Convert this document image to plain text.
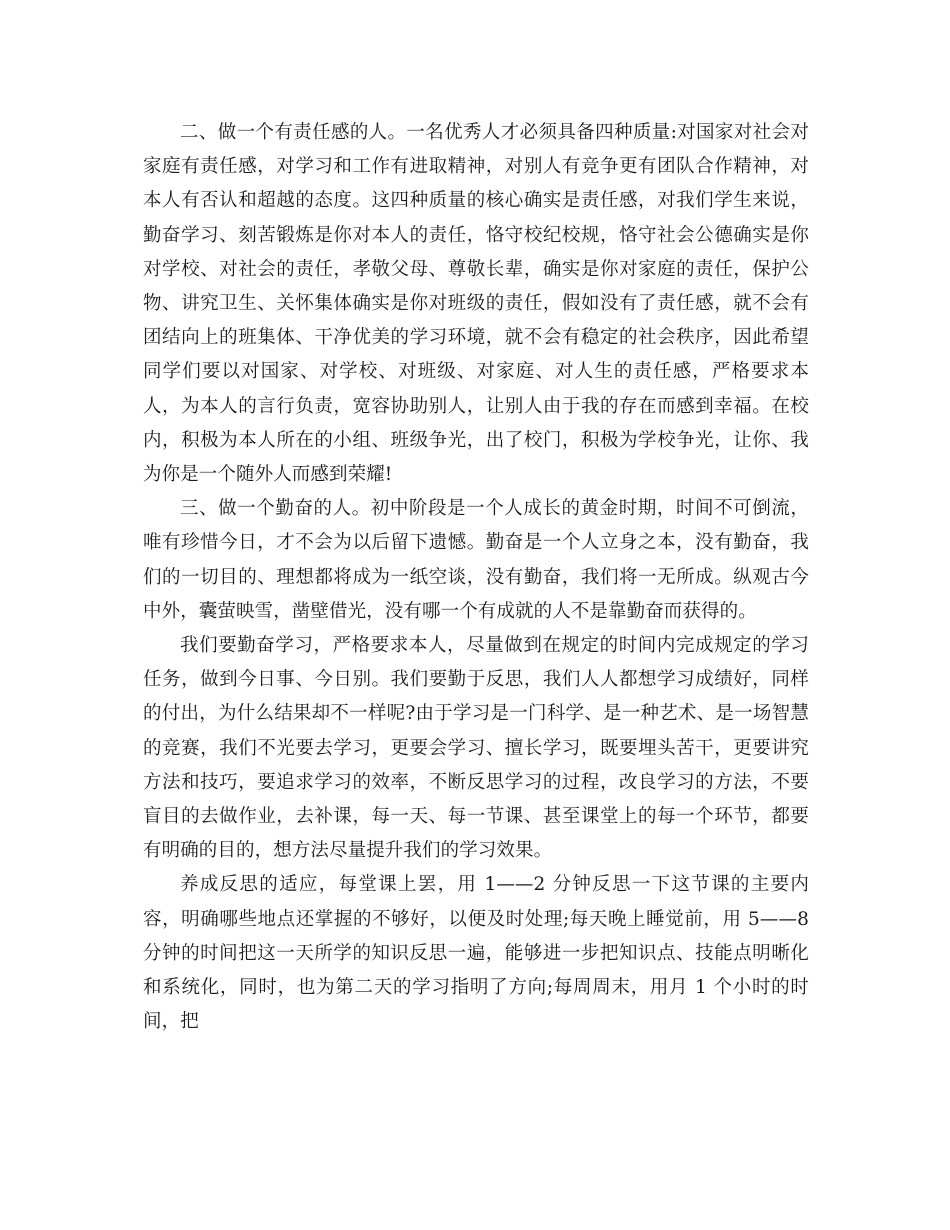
二、做一个有责任感的人。一名优秀人才必须具备四种质量:对国家对社会对家庭有责任感，对学习和工作有进取精神，对别人有竞争更有团队合作精神，对本人有否认和超越的态度。这四种质量的核心确实是责任感，对我们学生来说，勤奋学习、刻苦锻炼是你对本人的责任，恪守校纪校规，恪守社会公德确实是你对学校、对社会的责任，孝敬父母、尊敬长辈，确实是你对家庭的责任，保护公物、讲究卫生、关怀集体确实是你对班级的责任，假如没有了责任感，就不会有团结向上的班集体、干净优美的学习环境，就不会有稳定的社会秩序，因此希望同学们要以对国家、对学校、对班级、对家庭、对人生的责任感，严格要求本人，为本人的言行负责，宽容协助别人，让别人由于我的存在而感到幸福。在校内，积极为本人所在的小组、班级争光，出了校门，积极为学校争光，让你、我为你是一个随外人而感到荣耀!

三、做一个勤奋的人。初中阶段是一个人成长的黄金时期，时间不可倒流，唯有珍惜今日，才不会为以后留下遗憾。勤奋是一个人立身之本，没有勤奋，我们的一切目的、理想都将成为一纸空谈，没有勤奋，我们将一无所成。纵观古今中外，囊萤映雪，凿壁借光，没有哪一个有成就的人不是靠勤奋而获得的。

我们要勤奋学习，严格要求本人，尽量做到在规定的时间内完成规定的学习任务，做到今日事、今日别。我们要勤于反思，我们人人都想学习成绩好，同样的付出，为什么结果却不一样呢?由于学习是一门科学、是一种艺术、是一场智慧的竞赛，我们不光要去学习，更要会学习、擅长学习，既要埋头苦干，更要讲究方法和技巧，要追求学习的效率，不断反思学习的过程，改良学习的方法，不要盲目的去做作业，去补课，每一天、每一节课、甚至课堂上的每一个环节，都要有明确的目的，想方法尽量提升我们的学习效果。

养成反思的适应，每堂课上罢，用 1——2 分钟反思一下这节课的主要内容，明确哪些地点还掌握的不够好，以便及时处理;每天晚上睡觉前，用 5——8 分钟的时间把这一天所学的知识反思一遍，能够进一步把知识点、技能点明晰化和系统化，同时，也为第二天的学习指明了方向;每周周末，用月 1 个小时的时间，把
